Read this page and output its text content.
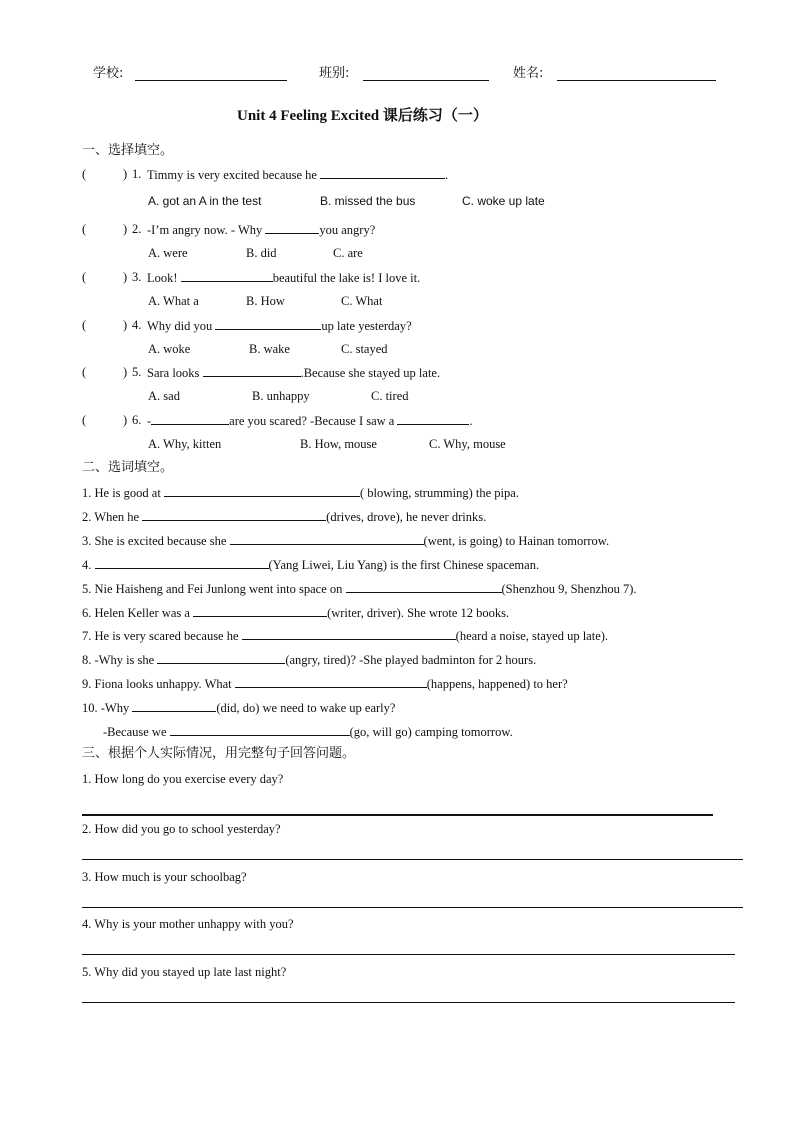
学校:	班别:	姓名:
Unit 4 Feeling Excited 课后练习（一）
一、选择填空。
(	) 1. Timmy is very excited because he	.
A. got an A in the test	B. missed the bus	C. woke up late
(	) 2. -I’m angry now. - Why	you angry?
A. were	B. did	C. are
(	) 3. Look!	beautiful the lake is! I love it.
A. What a	B. How	C. What
(	) 4. Why did you	up late yesterday?
A. woke	B. wake	C. stayed
(	) 5. Sara looks	.Because she stayed up late.
A. sad	B. unhappy	C. tired
(	) 6. -	are you scared? -Because I saw a	.
A. Why, kitten	B. How, mouse	C. Why, mouse
二、选词填空。
1. He is good at	( blowing, strumming) the pipa.
2. When he	(drives, drove), he never drinks.
3. She is excited because she	(went, is going) to Hainan tomorrow.
4.	(Yang Liwei, Liu Yang) is the first Chinese spaceman.
5. Nie Haisheng and Fei Junlong went into space on	(Shenzhou 9, Shenzhou 7).
6. Helen Keller was a	(writer, driver). She wrote 12 books.
7. He is very scared because he	(heard a noise, stayed up late).
8. -Why is she	(angry, tired)? -She played badminton for 2 hours.
9. Fiona looks unhappy. What	(happens, happened) to her?
10. -Why	(did, do) we need to wake up early?
-Because we	(go, will go) camping tomorrow.
三、根据个人实际情况，用完整句子回答问题。
1. How long do you exercise every day?
2. How did you go to school yesterday?
3. How much is your schoolbag?
4. Why is your mother unhappy with you?
5. Why did you stayed up late last night?
